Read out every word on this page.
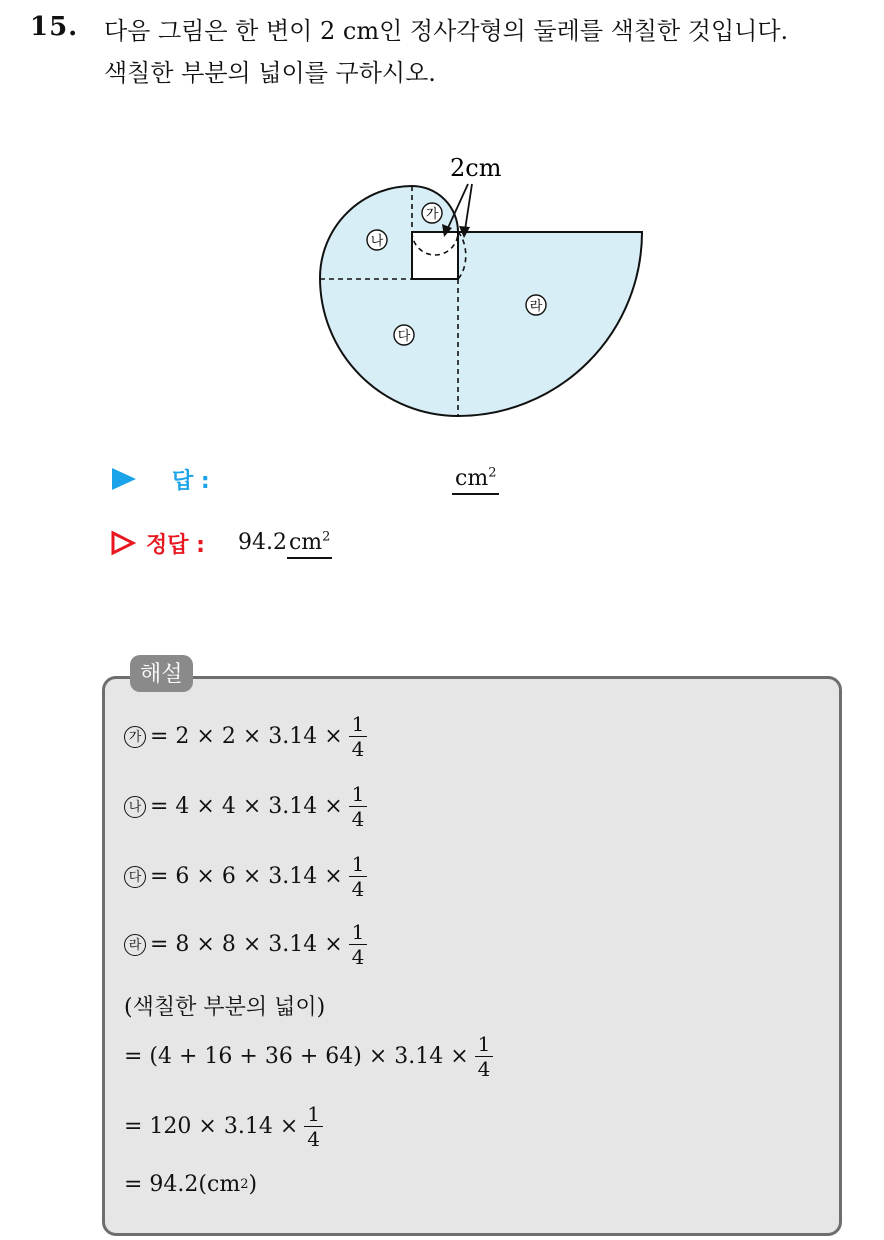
15. 다음 그림은 한 변이 2 cm인 정사각형의 둘레를 색칠한 것입니다.
색칠한 부분의 넓이를 구하시오.
2cm
가
나
다
라
답 :	$cm^2$
정답 : $94.2cm^2$
해설
가 = $2 \times 2 \times 3.14 \times \frac{1}{4}$
나 = $4 \times 4 \times 3.14 \times \frac{1}{4}$
다 = $6 \times 6 \times 3.14 \times \frac{1}{4}$
라 = $8 \times 8 \times 3.14 \times \frac{1}{4}$
(색칠한 부분의 넓이)
= $(4 + 16 + 36 + 64) \times 3.14 \times \frac{1}{4}$
= $120 \times 3.14 \times \frac{1}{4}$
= 94.2( cm 2 )
